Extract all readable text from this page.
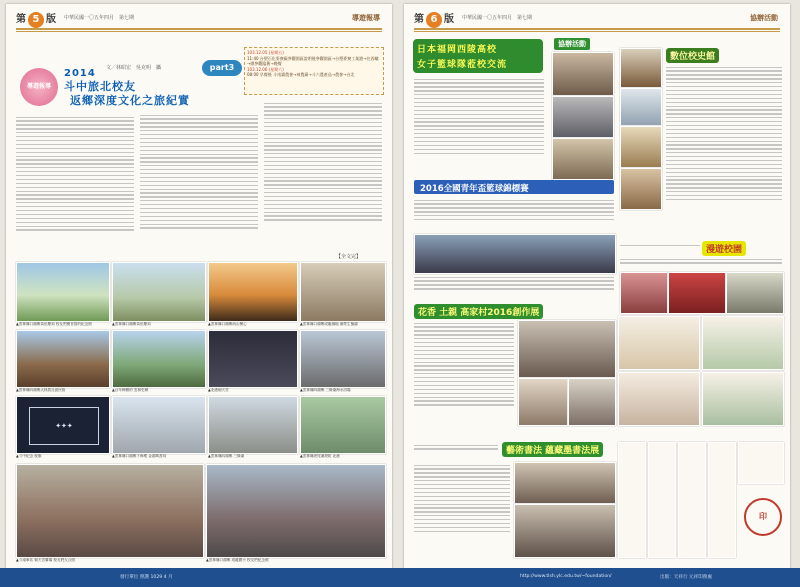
第 5 版 中華民國一〇五年四月　第七期	導遊報導
導遊報導
文／林昭宏　吳克明　攝
2014
斗中旅北校友
返鄉深度文化之旅紀實
part3
103.12.05 (星期五)
11:40 台塑石化麥寮廠參觀園區說明後參觀園區→台塑麥寮工業港→往西螺→總參觀臨舊→晚餐
103.12.06 (星期六)
08:00 早餐後 斗南鎮農會→神農廟→斗六農產品→農會→台北
【全文完】
▲雲林縣口湖鄉黃田慶祠 校友們聚首寫的紀念照	▲雲林縣口湖鄉黃田慶祠	▲雲林縣口湖鄉西山樂心	▲雲林縣口湖鄉成龍濕地 潮景生態園
▲雲林縣四湖鄉大林厝社區民宿	▲百年樟樹的 雲林史蹟	▲北港朝天宮	▲雲林縣四湖鄉 三條崙海水浴場
✦✦✦
▲斗中紀念 校旗	▲雲林縣口湖鄉下海墘 金湖萬善祠	▲雲林縣四湖鄉 三條崙	▲雲林縣虎尾溪堤防 北港
▲斗南車站 朝天宮廣場 校友們大合照	▲雲林縣口湖鄉 成龍國小 校友們紀念照
第 6 版 中華民國一〇五年四月　第七期	協辦活動
日本福岡西陵高校
女子籃球隊蒞校交流
協辦活動
2016全國青年盃籃球錦標賽
數位校史館
漫遊校園
花香 土親 高家村2016創作展
藝術書法 蘊藏墨書法展
印
發行單位 照護 1029 4 月	http://www.tlsh.ylc.edu.tw/~foundation/	出版：天祥行 元祥印務處
